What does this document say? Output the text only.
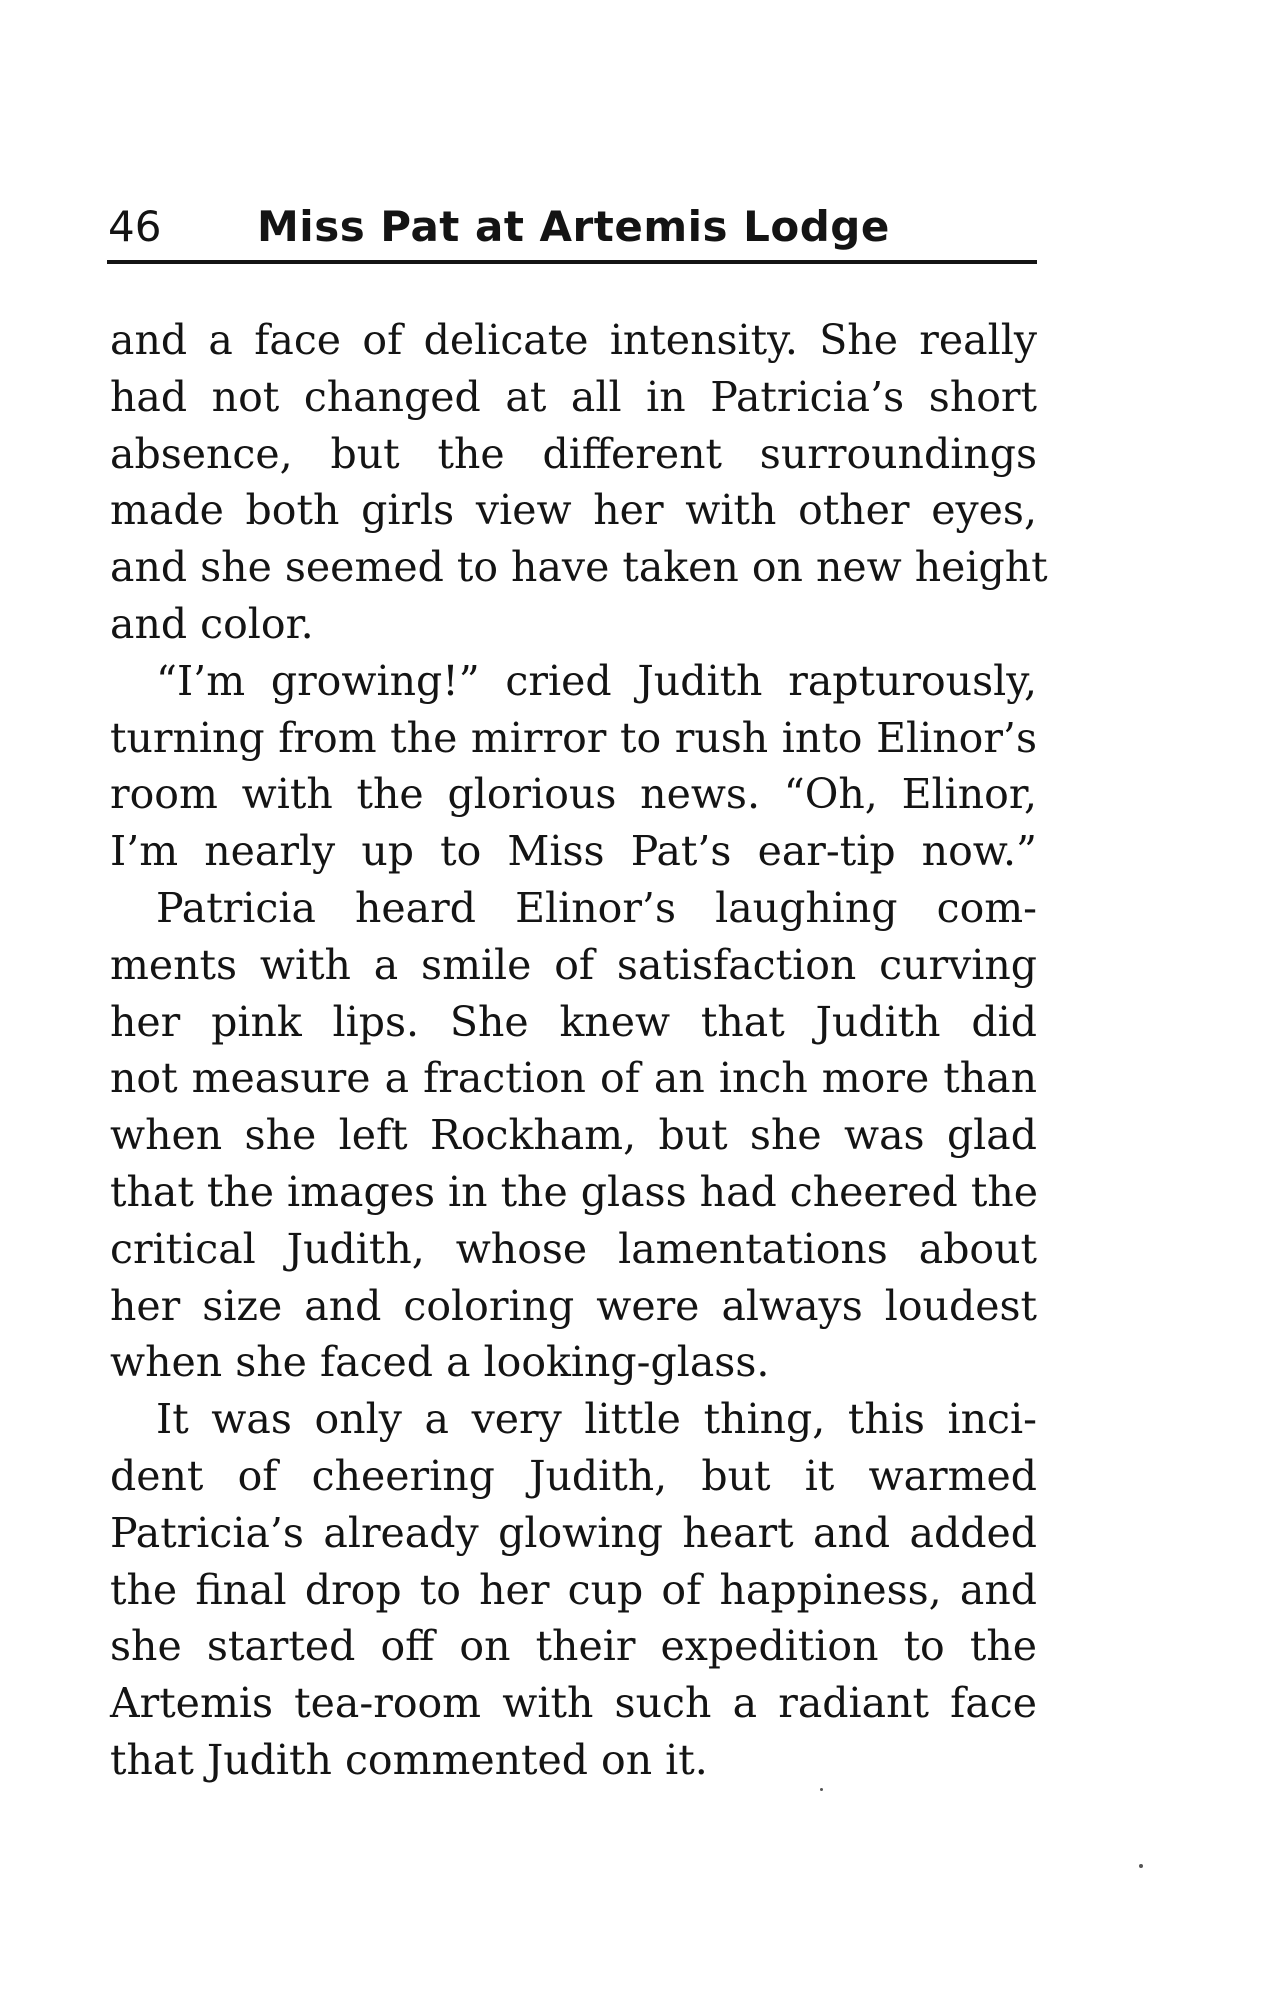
46 Miss Pat at Artemis Lodge
and a face of delicate intensity. She really
had not changed at all in Patricia’s short
absence, but the different surroundings
made both girls view her with other eyes,
and she seemed to have taken on new height
and color.
“I’m growing!” cried Judith rapturously,
turning from the mirror to rush into Elinor’s
room with the glorious news. “Oh, Elinor,
I’m nearly up to Miss Pat’s ear-tip now.”
Patricia heard Elinor’s laughing com-
ments with a smile of satisfaction curving
her pink lips. She knew that Judith did
not measure a fraction of an inch more than
when she left Rockham, but she was glad
that the images in the glass had cheered the
critical Judith, whose lamentations about
her size and coloring were always loudest
when she faced a looking-glass.
It was only a very little thing, this inci-
dent of cheering Judith, but it warmed
Patricia’s already glowing heart and added
the final drop to her cup of happiness, and
she started off on their expedition to the
Artemis tea-room with such a radiant face
that Judith commented on it.
